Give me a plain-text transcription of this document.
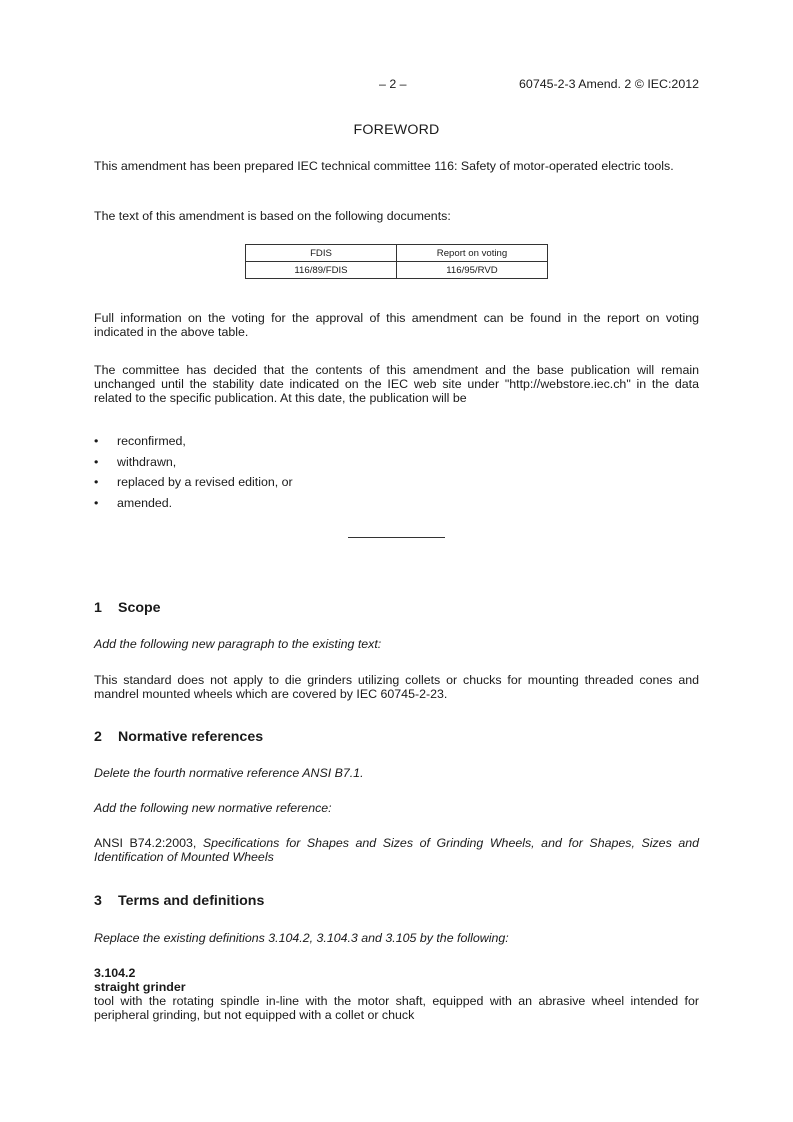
– 2 –	60745-2-3 Amend. 2 © IEC:2012
FOREWORD

This amendment has been prepared IEC technical committee 116: Safety of motor-operated electric tools.

The text of this amendment is based on the following documents:

FDIS	Report on voting
116/89/FDIS	116/95/RVD

Full information on the voting for the approval of this amendment can be found in the report on voting indicated in the above table.

The committee has decided that the contents of this amendment and the base publication will remain unchanged until the stability date indicated on the IEC web site under "http://webstore.iec.ch" in the data related to the specific publication. At this date, the publication will be

• reconfirmed,
• withdrawn,
• replaced by a revised edition, or
• amended.
1 Scope

Add the following new paragraph to the existing text:

This standard does not apply to die grinders utilizing collets or chucks for mounting threaded cones and mandrel mounted wheels which are covered by IEC 60745-2-23.

2 Normative references

Delete the fourth normative reference ANSI B7.1.

Add the following new normative reference:

ANSI B74.2:2003, Specifications for Shapes and Sizes of Grinding Wheels, and for Shapes, Sizes and Identification of Mounted Wheels

3 Terms and definitions

Replace the existing definitions 3.104.2, 3.104.3 and 3.105 by the following:

3.104.2
straight grinder

tool with the rotating spindle in-line with the motor shaft, equipped with an abrasive wheel intended for peripheral grinding, but not equipped with a collet or chuck
